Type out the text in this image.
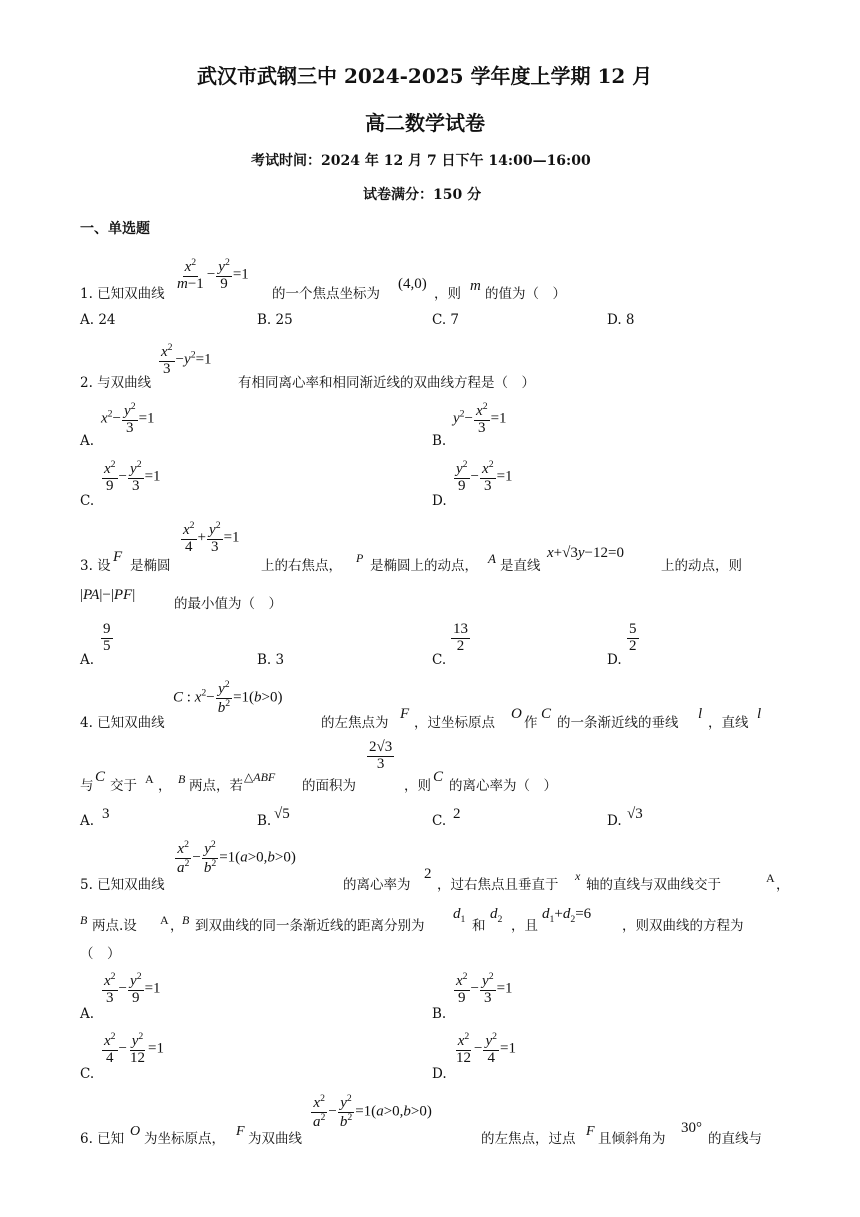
武汉市武钢三中 2024-2025 学年度上学期 12 月
高二数学试卷
考试时间：2024 年 12 月 7 日下午 14:00—16:00
试卷满分：150 分
一、单选题
1. 已知双曲线
$\frac{x^2}{m-1} - \frac{y^2}{9} =1$
的一个焦点坐标为
(4,0)
，则 m 的值为（　）
A. 24	B. 25	C. 7	D. 8
2. 与双曲线
$\frac{x^2}{3} -y^2=1$
有相同离心率和相同渐近线的双曲线方程是（　）
A.
$x^2- \frac{y^2}{3} =1$
B.
$y^2- \frac{x^2}{3} =1$
C.
$\frac{x^2}{9} - \frac{y^2}{3} =1$
D.
$\frac{y^2}{9} - \frac{x^2}{3} =1$
3. 设
F
是椭圆
$\frac{x^2}{4} + \frac{y^2}{3} =1$
上的右焦点， P 是椭圆上的动点， A 是直线
x+√3y−12=0
上的动点，则
|PA|−|PF|
的最小值为（　）
A.
$\frac{9}{5}$
B. 3	C.
$\frac{13}{2}$
D.
$\frac{5}{2}$
4. 已知双曲线
C : $x^2- \frac{y^2}{b^2} =1(b>0)$
的左焦点为
F
，过坐标原点
O
作
C
的一条渐近线的垂线
l
，直线
l
与
C
交于 A ， B 两点，若
△ABF
的面积为
$\frac{2√3}{3}$
，则
C
的离心率为（　）
A. 3	B. √5	C. 2	D. √3
5. 已知双曲线
$\frac{x^2}{a^2} - \frac{y^2}{b^2} =1(a>0,b>0)$
的离心率为
2
，过右焦点且垂直于
x
轴的直线与双曲线交于	A ，
B 两点.设 A ，
B 到双曲线的同一条渐近线的距离分别为
$d_1$ 和
$d_2$ ，且
$d_1+d_2=6$
，则双曲线的方程为
（　）
A.
$\frac{x^2}{3} - \frac{y^2}{9} =1$
B.
$\frac{x^2}{9} - \frac{y^2}{3} =1$
C.
$\frac{x^2}{4} - \frac{y^2}{12} =1$
D.
$\frac{x^2}{12} - \frac{y^2}{4} =1$
6. 已知 O 为坐标原点， F 为双曲线
$\frac{x^2}{a^2} - \frac{y^2}{b^2} =1(a>0,b>0)$
的左焦点，过点 F 且倾斜角为
30°
的直线与
